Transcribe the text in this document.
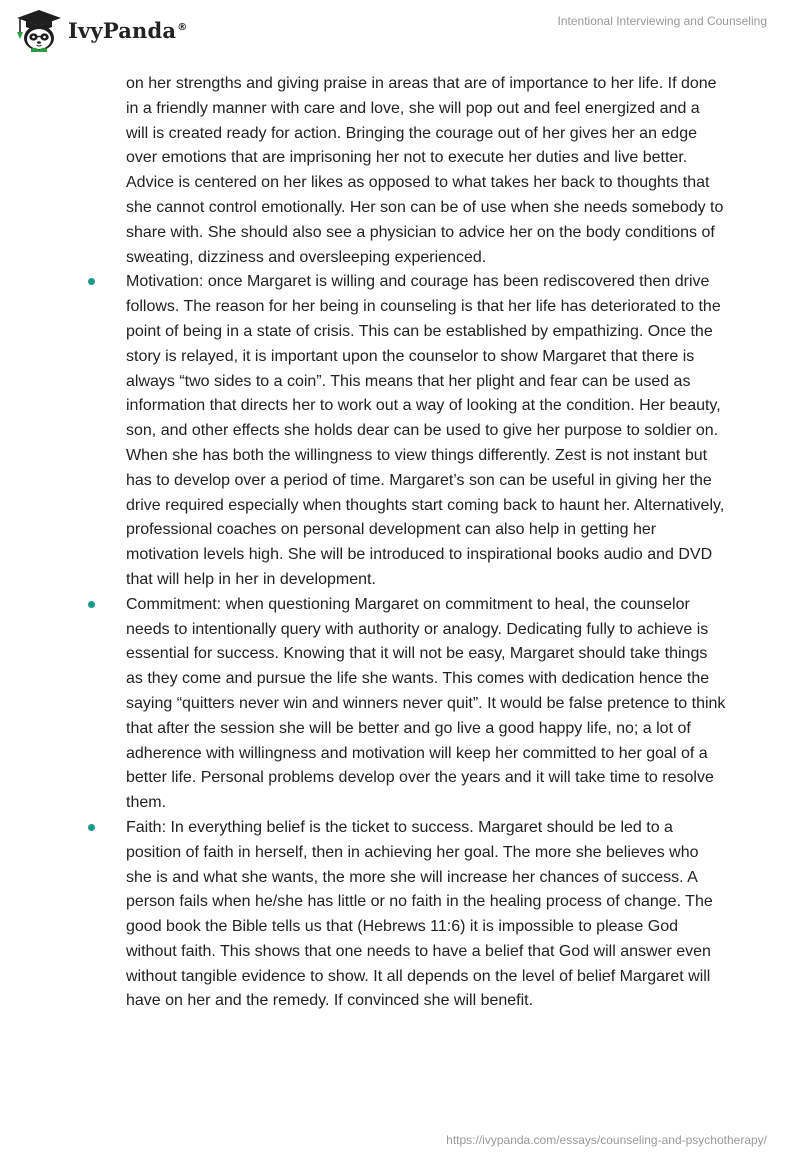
IvyPanda®	Intentional Interviewing and Counseling

on her strengths and giving praise in areas that are of importance to her life. If done in a friendly manner with care and love, she will pop out and feel energized and a will is created ready for action. Bringing the courage out of her gives her an edge over emotions that are imprisoning her not to execute her duties and live better. Advice is centered on her likes as opposed to what takes her back to thoughts that she cannot control emotionally. Her son can be of use when she needs somebody to share with. She should also see a physician to advice her on the body conditions of sweating, dizziness and oversleeping experienced.

Motivation: once Margaret is willing and courage has been rediscovered then drive follows. The reason for her being in counseling is that her life has deteriorated to the point of being in a state of crisis. This can be established by empathizing. Once the story is relayed, it is important upon the counselor to show Margaret that there is always “two sides to a coin”. This means that her plight and fear can be used as information that directs her to work out a way of looking at the condition. Her beauty, son, and other effects she holds dear can be used to give her purpose to soldier on. When she has both the willingness to view things differently. Zest is not instant but has to develop over a period of time. Margaret’s son can be useful in giving her the drive required especially when thoughts start coming back to haunt her. Alternatively, professional coaches on personal development can also help in getting her motivation levels high. She will be introduced to inspirational books audio and DVD that will help in her in development.
Commitment: when questioning Margaret on commitment to heal, the counselor needs to intentionally query with authority or analogy. Dedicating fully to achieve is essential for success. Knowing that it will not be easy, Margaret should take things as they come and pursue the life she wants. This comes with dedication hence the saying “quitters never win and winners never quit”. It would be false pretence to think that after the session she will be better and go live a good happy life, no; a lot of adherence with willingness and motivation will keep her committed to her goal of a better life. Personal problems develop over the years and it will take time to resolve them.
Faith: In everything belief is the ticket to success. Margaret should be led to a position of faith in herself, then in achieving her goal. The more she believes who she is and what she wants, the more she will increase her chances of success. A person fails when he/she has little or no faith in the healing process of change. The good book the Bible tells us that (Hebrews 11:6) it is impossible to please God without faith. This shows that one needs to have a belief that God will answer even without tangible evidence to show. It all depends on the level of belief Margaret will have on her and the remedy. If convinced she will benefit.
https://ivypanda.com/essays/counseling-and-psychotherapy/
